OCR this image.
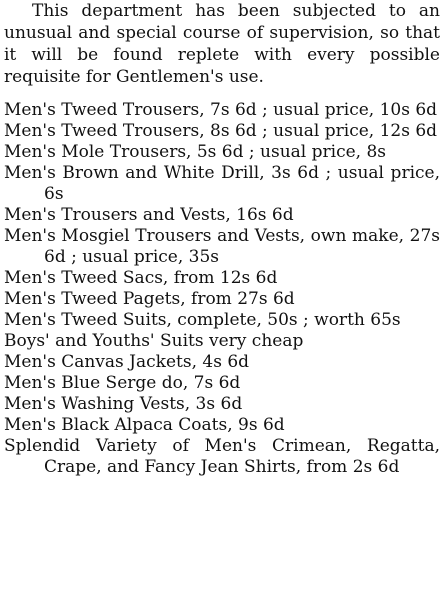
This department has been subjected to an unusual and special course of supervision, so that it will be found replete with every possible requisite for Gentlemen's use.

Men's Tweed Trousers, 7s 6d ; usual price, 10s 6d

Men's Tweed Trousers, 8s 6d ; usual price, 12s 6d

Men's Mole Trousers, 5s 6d ; usual price, 8s

Men's Brown and White Drill, 3s 6d ; usual price, 6s

Men's Trousers and Vests, 16s 6d

Men's Mosgiel Trousers and Vests, own make, 27s 6d ; usual price, 35s

Men's Tweed Sacs, from 12s 6d

Men's Tweed Pagets, from 27s 6d

Men's Tweed Suits, complete, 50s ; worth 65s

Boys' and Youths' Suits very cheap

Men's Canvas Jackets, 4s 6d

Men's Blue Serge do, 7s 6d

Men's Washing Vests, 3s 6d

Men's Black Alpaca Coats, 9s 6d

Splendid Variety of Men's Crimean, Regatta, Crape, and Fancy Jean Shirts, from 2s 6d
